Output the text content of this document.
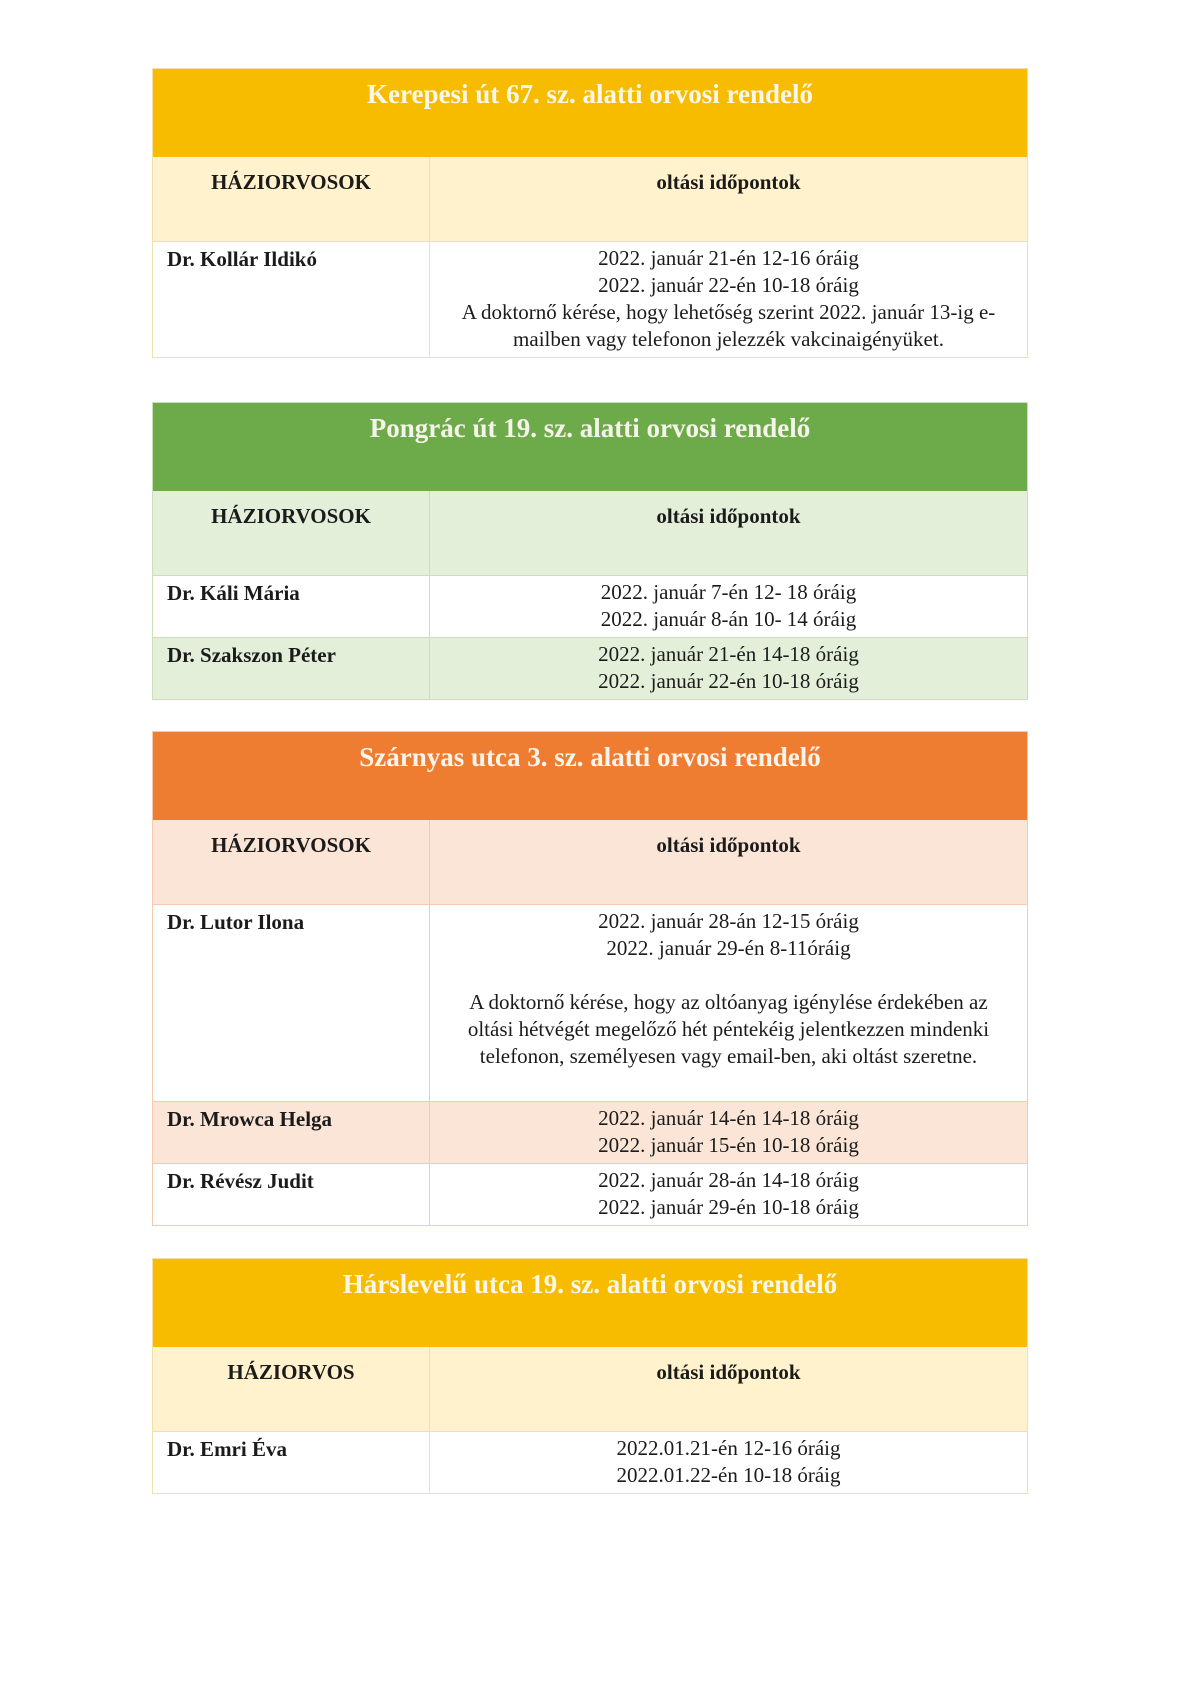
Kerepesi út 67. sz. alatti orvosi rendelő
HÁZIORVOSOK	oltási időpontok
Dr. Kollár Ildikó	2022. január 21-én 12-16 óráig
2022. január 22-én 10-18 óráig
A doktornő kérése, hogy lehetőség szerint 2022. január 13-ig e-mailben vagy telefonon jelezzék vakcinaigényüket.
Pongrác út 19. sz. alatti orvosi rendelő
HÁZIORVOSOK	oltási időpontok
Dr. Káli Mária	2022. január 7-én 12- 18 óráig
2022. január 8-án 10- 14 óráig
Dr. Szakszon Péter	2022. január 21-én 14-18 óráig
2022. január 22-én 10-18 óráig
Szárnyas utca 3. sz. alatti orvosi rendelő
HÁZIORVOSOK	oltási időpontok
Dr. Lutor Ilona	2022. január 28-án 12-15 óráig
2022. január 29-én 8-11óráig
A doktornő kérése, hogy az oltóanyag igénylése érdekében az oltási hétvégét megelőző hét péntekéig jelentkezzen mindenki telefonon, személyesen vagy email-ben, aki oltást szeretne.
Dr. Mrowca Helga	2022. január 14-én 14-18 óráig
2022. január 15-én 10-18 óráig
Dr. Révész Judit	2022. január 28-án 14-18 óráig
2022. január 29-én 10-18 óráig
Hárslevelű utca 19. sz. alatti orvosi rendelő
HÁZIORVOS	oltási időpontok
Dr. Emri Éva	2022.01.21-én 12-16 óráig
2022.01.22-én 10-18 óráig
